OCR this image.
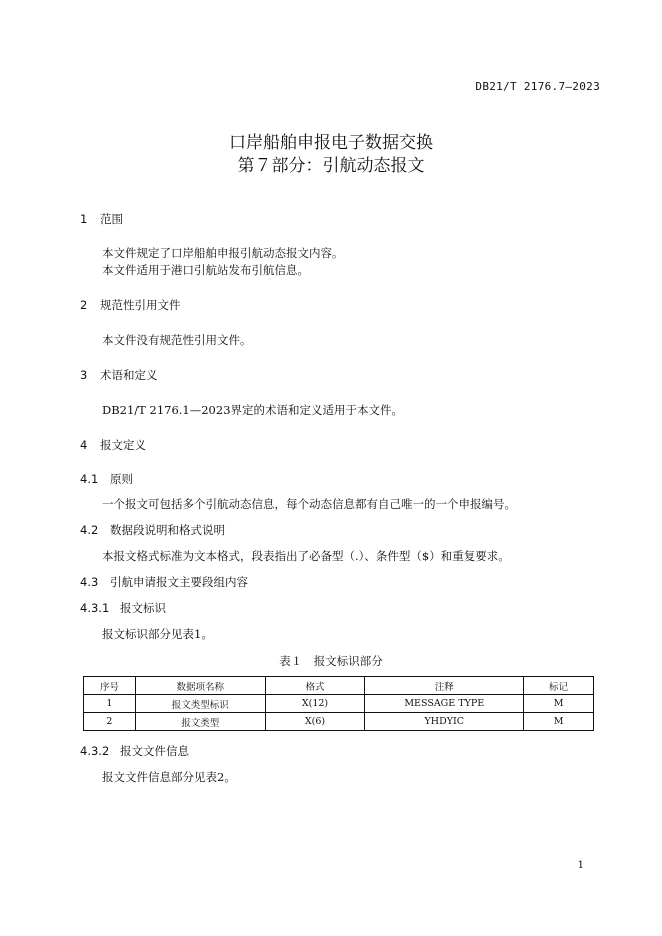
DB21/T 2176.7—2023
口岸船舶申报电子数据交换
第７部分：引航动态报文
1 范围
本文件规定了口岸船舶申报引航动态报文内容。
本文件适用于港口引航站发布引航信息。
2 规范性引用文件
本文件没有规范性引用文件。
3 术语和定义
DB21/T 2176.1—2023界定的术语和定义适用于本文件。
4 报文定义
4.1 原则
一个报文可包括多个引航动态信息，每个动态信息都有自己唯一的一个申报编号。
4.2 数据段说明和格式说明
本报文格式标准为文本格式，段表指出了必备型（.）、条件型（$）和重复要求。
4.3 引航申请报文主要段组内容
4.3.1 报文标识
报文标识部分见表1。
表１　报文标识部分
序号	数据项名称	格式	注释	标记
1	报文类型标识	X(12)	MESSAGE TYPE	M
2	报文类型	X(6)	YHDYIC	M
4.3.2 报文文件信息
报文文件信息部分见表2。
1
